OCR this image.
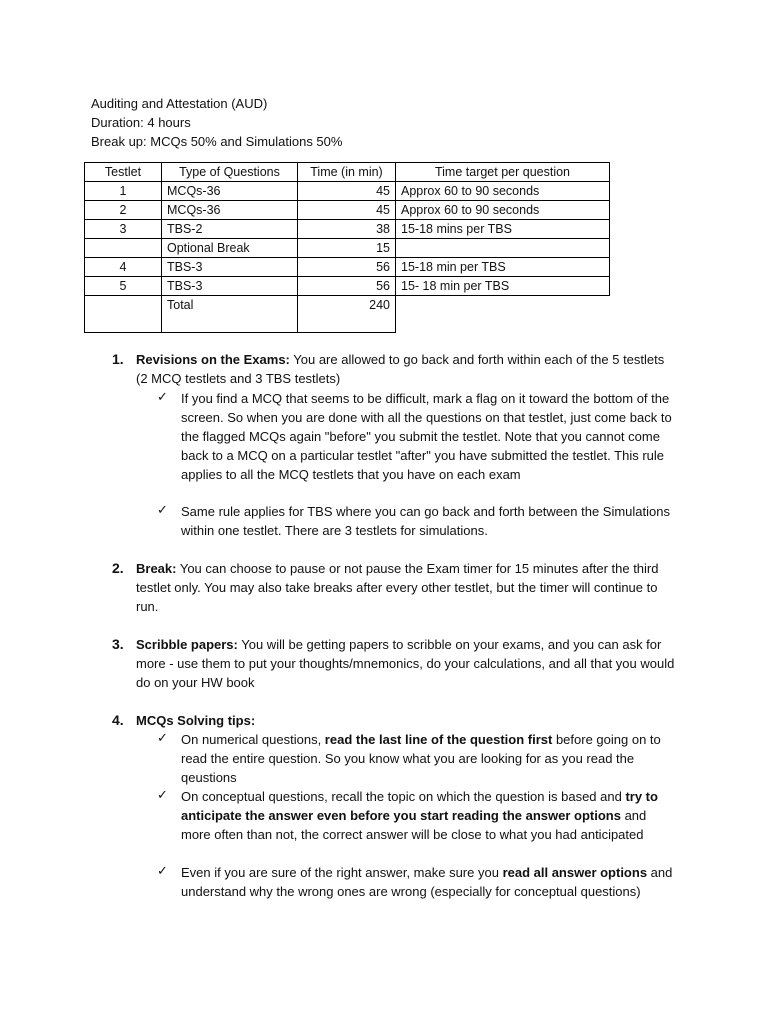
Auditing and Attestation (AUD)
Duration: 4 hours
Break up: MCQs 50% and Simulations 50%
Testlet	Type of Questions	Time (in min)	Time target per question
1	MCQs-36	45	Approx 60 to 90 seconds
2	MCQs-36	45	Approx 60 to 90 seconds
3	TBS-2	38	15-18 mins per TBS
	Optional Break	15	
4	TBS-3	56	15-18 min per TBS
5	TBS-3	56	15- 18 min per TBS
	Total	240	
1. Revisions on the Exams: You are allowed to go back and forth within each of the 5 testlets (2 MCQ testlets and 3 TBS testlets)
✓ If you find a MCQ that seems to be difficult, mark a flag on it toward the bottom of the screen. So when you are done with all the questions on that testlet, just come back to the flagged MCQs again "before" you submit the testlet. Note that you cannot come back to a MCQ on a particular testlet "after" you have submitted the testlet. This rule applies to all the MCQ testlets that you have on each exam
✓ Same rule applies for TBS where you can go back and forth between the Simulations within one testlet. There are 3 testlets for simulations.
2. Break: You can choose to pause or not pause the Exam timer for 15 minutes after the third testlet only. You may also take breaks after every other testlet, but the timer will continue to run.
3. Scribble papers: You will be getting papers to scribble on your exams, and you can ask for more - use them to put your thoughts/mnemonics, do your calculations, and all that you would do on your HW book
4. MCQs Solving tips:
✓ On numerical questions, read the last line of the question first before going on to read the entire question. So you know what you are looking for as you read the qeustions
✓ On conceptual questions, recall the topic on which the question is based and try to anticipate the answer even before you start reading the answer options and more often than not, the correct answer will be close to what you had anticipated
✓ Even if you are sure of the right answer, make sure you read all answer options and understand why the wrong ones are wrong (especially for conceptual questions)
